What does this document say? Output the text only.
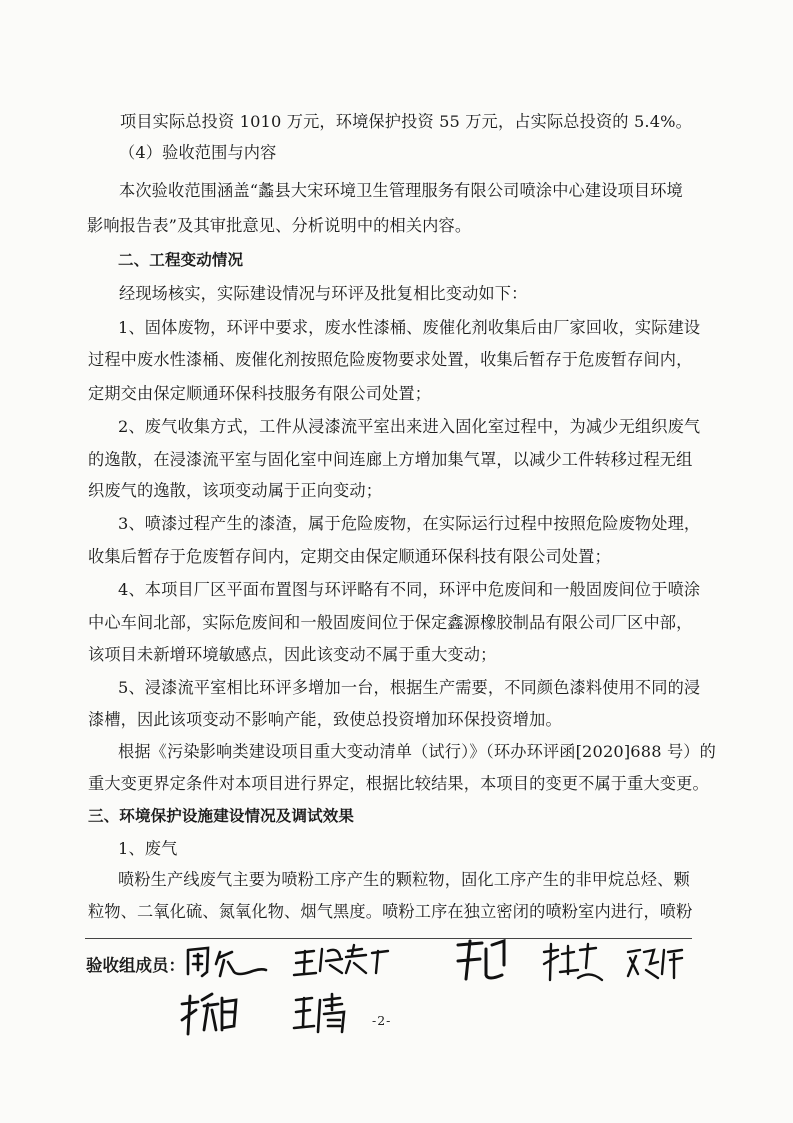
项目实际总投资 1010 万元，环境保护投资 55 万元，占实际总投资的 5.4%。
（4）验收范围与内容
本次验收范围涵盖“蠡县大宋环境卫生管理服务有限公司喷涂中心建设项目环境
影响报告表”及其审批意见、分析说明中的相关内容。
二、工程变动情况
经现场核实，实际建设情况与环评及批复相比变动如下：
1、固体废物，环评中要求，废水性漆桶、废催化剂收集后由厂家回收，实际建设
过程中废水性漆桶、废催化剂按照危险废物要求处置，收集后暂存于危废暂存间内，
定期交由保定顺通环保科技服务有限公司处置；
2、废气收集方式，工件从浸漆流平室出来进入固化室过程中，为减少无组织废气
的逸散，在浸漆流平室与固化室中间连廊上方增加集气罩，以减少工件转移过程无组
织废气的逸散，该项变动属于正向变动；
3、喷漆过程产生的漆渣，属于危险废物，在实际运行过程中按照危险废物处理，
收集后暂存于危废暂存间内，定期交由保定顺通环保科技有限公司处置；
4、本项目厂区平面布置图与环评略有不同，环评中危废间和一般固废间位于喷涂
中心车间北部，实际危废间和一般固废间位于保定鑫源橡胶制品有限公司厂区中部，
该项目未新增环境敏感点，因此该变动不属于重大变动；
5、浸漆流平室相比环评多增加一台，根据生产需要，不同颜色漆料使用不同的浸
漆槽，因此该项变动不影响产能，致使总投资增加环保投资增加。
根据《污染影响类建设项目重大变动清单（试行）》（环办环评函[2020]688 号）的
重大变更界定条件对本项目进行界定，根据比较结果，本项目的变更不属于重大变更。
三、环境保护设施建设情况及调试效果
1、废气
喷粉生产线废气主要为喷粉工序产生的颗粒物，固化工序产生的非甲烷总烃、颗
粒物、二氧化硫、氮氧化物、烟气黑度。喷粉工序在独立密闭的喷粉室内进行，喷粉
验收组成员：
-2-
